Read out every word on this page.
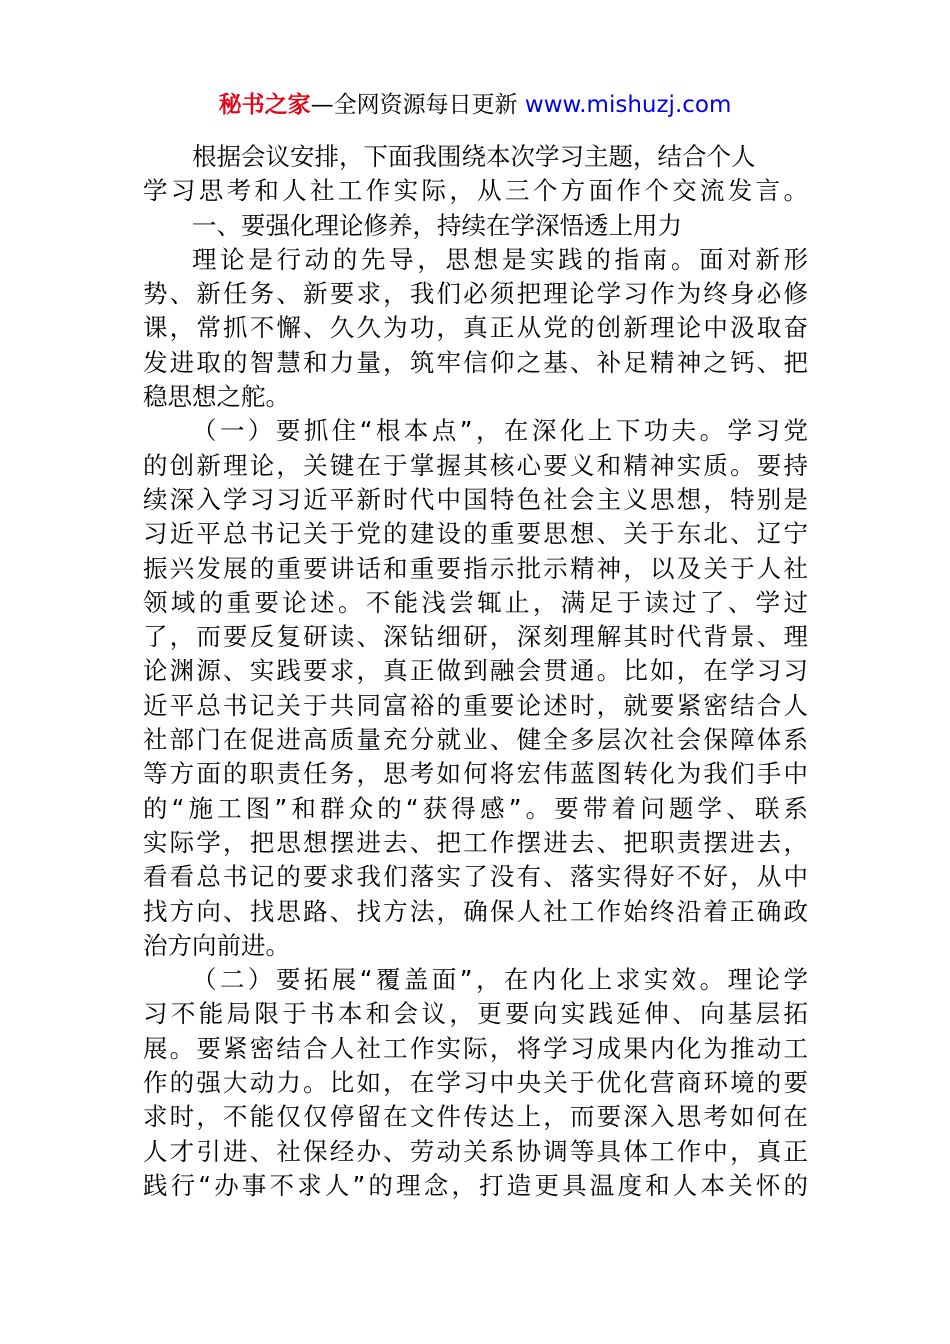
秘书之家—全网资源每日更新 www.mishuzj.com
根据会议安排，下面我围绕本次学习主题，结合个人
学习思考和人社工作实际，从三个方面作个交流发言。
一、要强化理论修养，持续在学深悟透上用力
理论是行动的先导，思想是实践的指南。面对新形
势、新任务、新要求，我们必须把理论学习作为终身必修
课，常抓不懈、久久为功，真正从党的创新理论中汲取奋
发进取的智慧和力量，筑牢信仰之基、补足精神之钙、把
稳思想之舵。
（一）要抓住“根本点”，在深化上下功夫。学习党
的创新理论，关键在于掌握其核心要义和精神实质。要持
续深入学习习近平新时代中国特色社会主义思想，特别是
习近平总书记关于党的建设的重要思想、关于东北、辽宁
振兴发展的重要讲话和重要指示批示精神，以及关于人社
领域的重要论述。不能浅尝辄止，满足于读过了、学过
了，而要反复研读、深钻细研，深刻理解其时代背景、理
论渊源、实践要求，真正做到融会贯通。比如，在学习习
近平总书记关于共同富裕的重要论述时，就要紧密结合人
社部门在促进高质量充分就业、健全多层次社会保障体系
等方面的职责任务，思考如何将宏伟蓝图转化为我们手中
的“施工图”和群众的“获得感”。要带着问题学、联系
实际学，把思想摆进去、把工作摆进去、把职责摆进去，
看看总书记的要求我们落实了没有、落实得好不好，从中
找方向、找思路、找方法，确保人社工作始终沿着正确政
治方向前进。
（二）要拓展“覆盖面”，在内化上求实效。理论学
习不能局限于书本和会议，更要向实践延伸、向基层拓
展。要紧密结合人社工作实际，将学习成果内化为推动工
作的强大动力。比如，在学习中央关于优化营商环境的要
求时，不能仅仅停留在文件传达上，而要深入思考如何在
人才引进、社保经办、劳动关系协调等具体工作中，真正
践行“办事不求人”的理念，打造更具温度和人本关怀的
